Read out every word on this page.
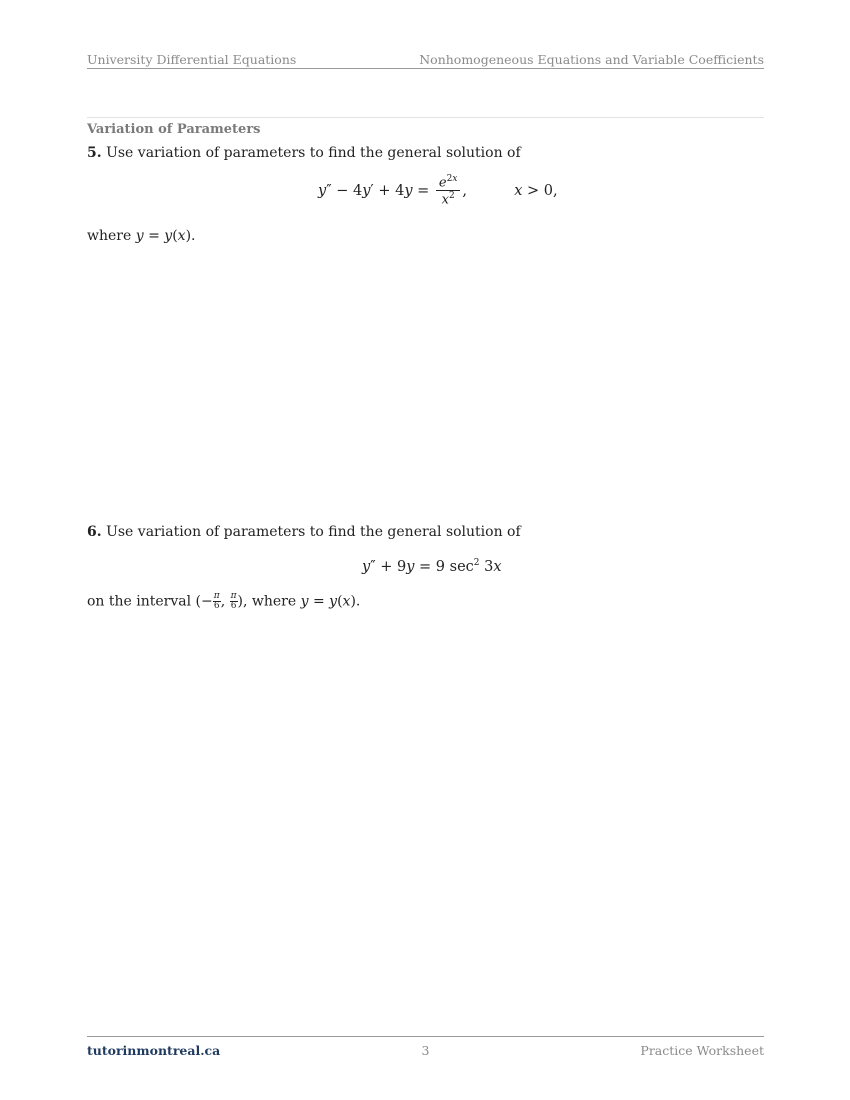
University Differential Equations	Nonhomogeneous Equations and Variable Coefficients
Variation of Parameters
5. Use variation of parameters to find the general solution of
$y'' - 4y' + 4y = \frac{e^{2x}}{x^2}$ ,	x > 0,
where y = y(x).
6. Use variation of parameters to find the general solution of
y″ + 9y = 9 $\sec^2 3x$
on the interval (− $\frac{\pi}{6}$ , $\frac{\pi}{6}$ ), where y = y(x).
tutorinmontreal.ca	3	Practice Worksheet
